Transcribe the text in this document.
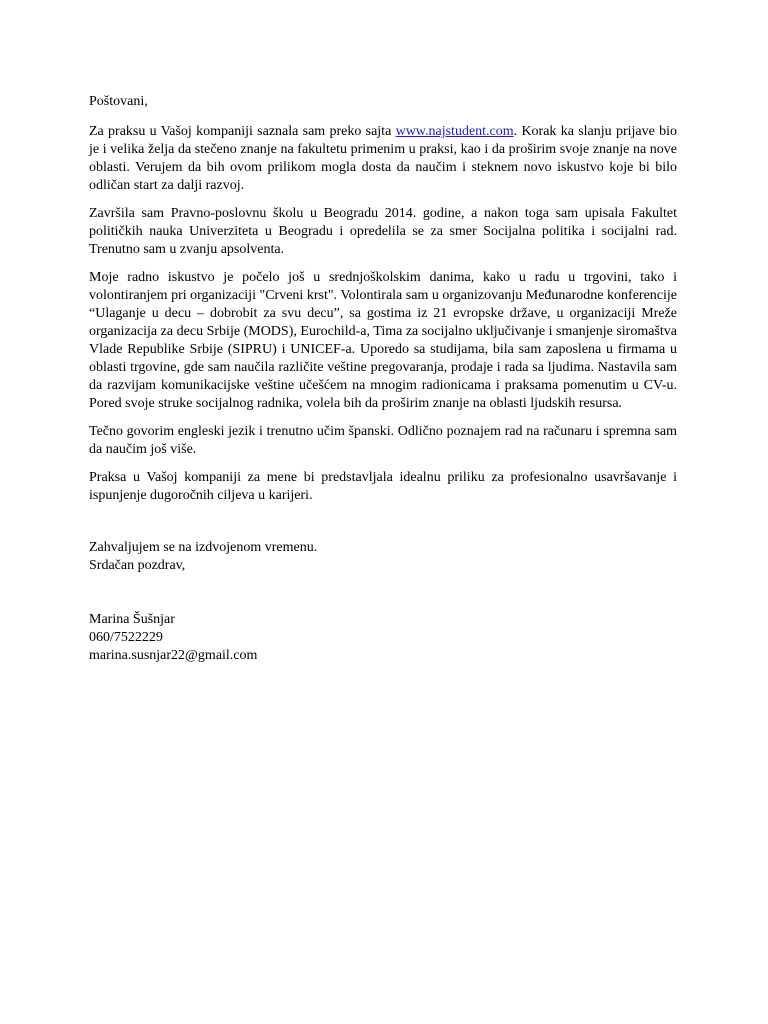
Poštovani,

Za praksu u Vašoj kompaniji saznala sam preko sajta www.najstudent.com. Korak ka slanju prijave bio je i velika želja da stečeno znanje na fakultetu primenim u praksi, kao i da proširim svoje znanje na nove oblasti. Verujem da bih ovom prilikom mogla dosta da naučim i steknem novo iskustvo koje bi bilo odličan start za dalji razvoj.

Završila sam Pravno-poslovnu školu u Beogradu 2014. godine, a nakon toga sam upisala Fakultet političkih nauka Univerziteta u Beogradu i opredelila se za smer Socijalna politika i socijalni rad. Trenutno sam u zvanju apsolventa.

Moje radno iskustvo je počelo još u srednjoškolskim danima, kako u radu u trgovini, tako i volontiranjem pri organizaciji "Crveni krst". Volontirala sam u organizovanju Međunarodne konferencije “Ulaganje u decu – dobrobit za svu decu”, sa gostima iz 21 evropske države, u organizaciji Mreže organizacija za decu Srbije (MODS), Eurochild-a, Tima za socijalno uključivanje i smanjenje siromaštva Vlade Republike Srbije (SIPRU) i UNICEF-a. Uporedo sa studijama, bila sam zaposlena u firmama u oblasti trgovine, gde sam naučila različite veštine pregovaranja, prodaje i rada sa ljudima. Nastavila sam da razvijam komunikacijske veštine učešćem na mnogim radionicama i praksama pomenutim u CV-u. Pored svoje struke socijalnog radnika, volela bih da proširim znanje na oblasti ljudskih resursa.

Tečno govorim engleski jezik i trenutno učim španski. Odlično poznajem rad na računaru i spremna sam da naučim još više.

Praksa u Vašoj kompaniji za mene bi predstavljala idealnu priliku za profesionalno usavršavanje i ispunjenje dugoročnih ciljeva u karijeri.

Zahvaljujem se na izdvojenom vremenu.
Srdačan pozdrav,
Marina Šušnjar
060/7522229
marina.susnjar22@gmail.com
